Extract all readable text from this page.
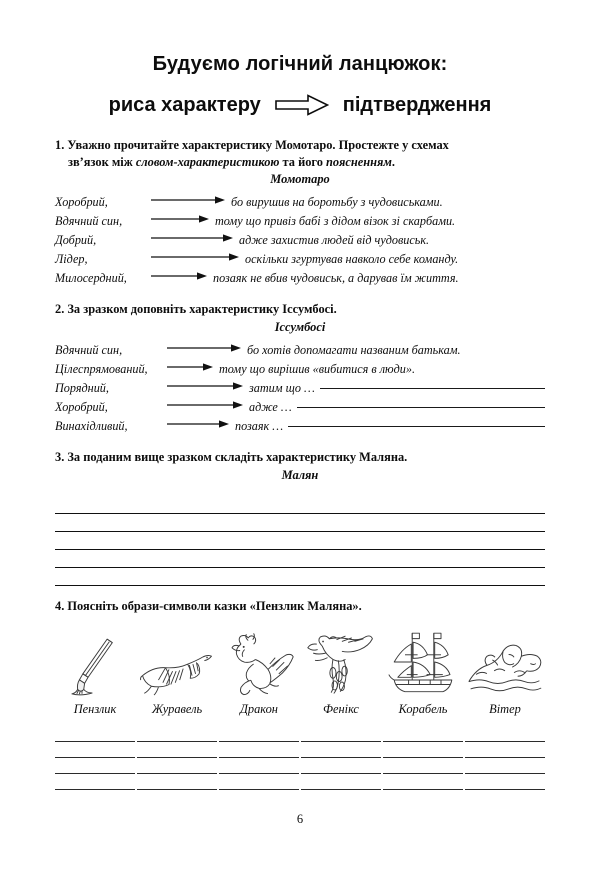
Будуємо логічний ланцюжок:
риса характеру	підтвердження
1. Уважно прочитайте характеристику Момотаро. Простежте у схемах
зв’язок між словом-характеристикою та його поясненням.
Момотаро
Хоробрий,	бо вирушив на боротьбу з чудовиськами.
Вдячний син,	тому що привіз бабі з дідом візок зі скарбами.
Добрий,	адже захистив людей від чудовиськ.
Лідер,	оскільки згуртував навколо себе команду.
Милосердний,	позаяк не вбив чудовиськ, а дарував їм життя.
2. За зразком доповніть характеристику Іссумбосі.
Іссумбосі
Вдячний син,	бо хотів допомагати названим батькам.
Цілеспрямований,	тому що вирішив «вибитися в люди».
Порядний,	затим що …
Хоробрий,	адже …
Винахідливий,	позаяк …
3. За поданим вище зразком складіть характеристику Маляна.
Малян
4. Поясніть образи-символи казки «Пензлик Маляна».
Пензлик	Журавель	Дракон	Фенікс	Корабель	Вітер
6
